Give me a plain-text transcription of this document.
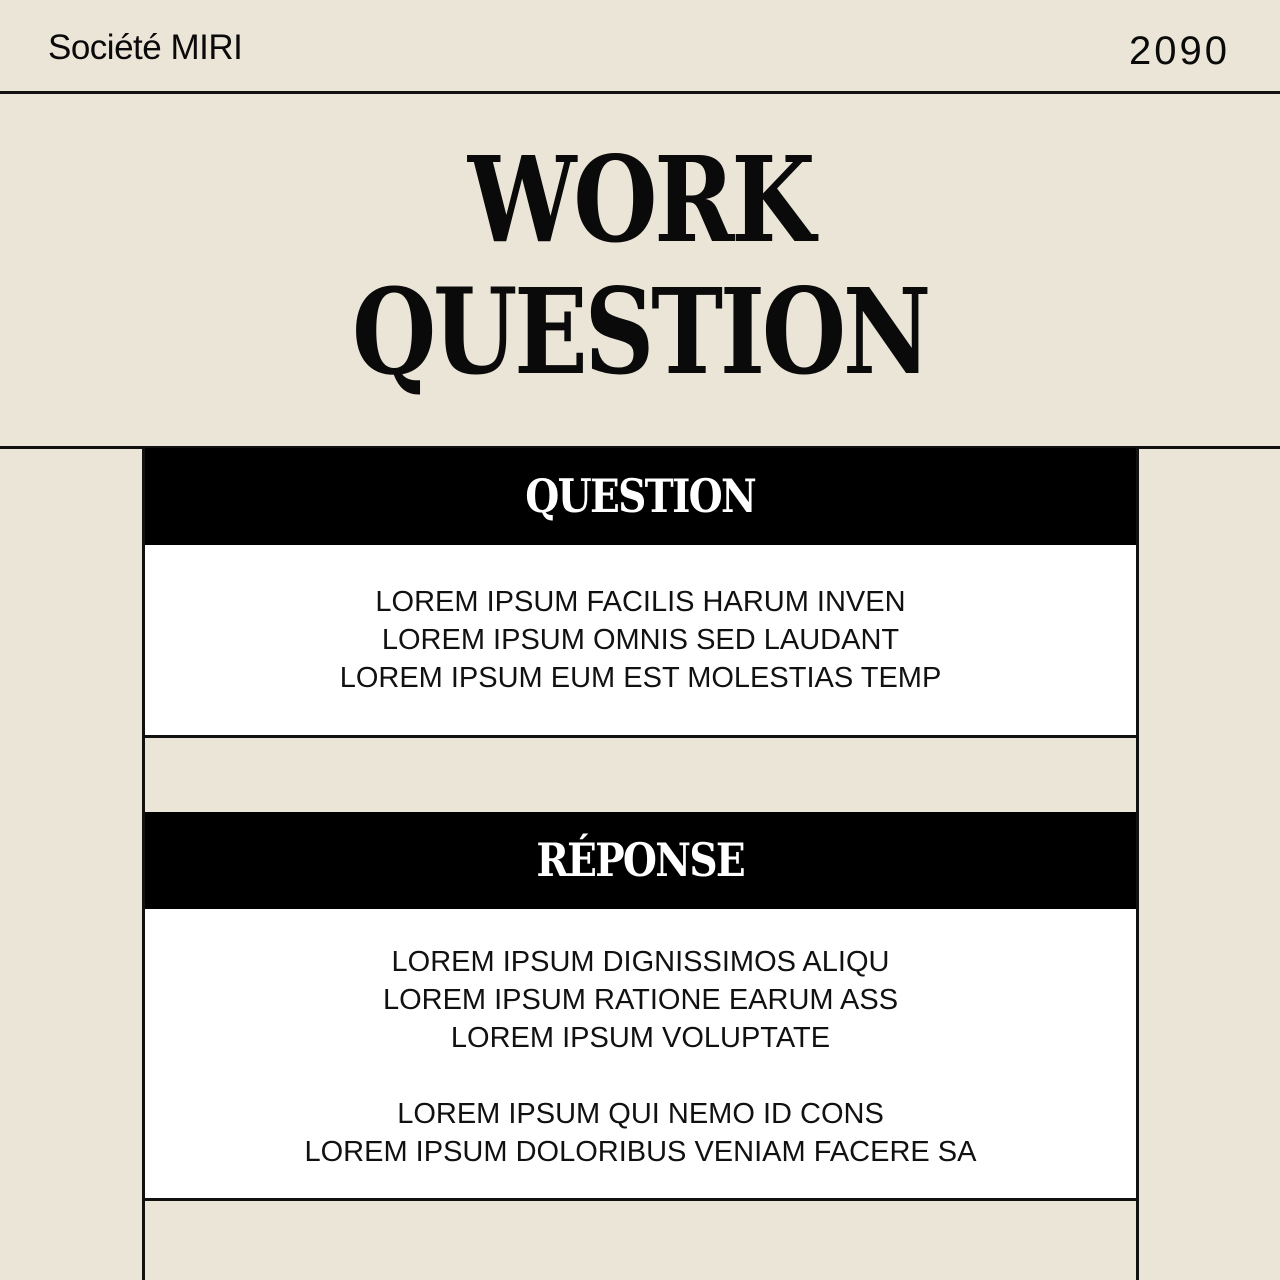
Société MIRI	2090
WORK
QUESTION
QUESTION
LOREM IPSUM FACILIS HARUM INVEN
LOREM IPSUM OMNIS SED LAUDANT
LOREM IPSUM EUM EST MOLESTIAS TEMP
RÉPONSE
LOREM IPSUM DIGNISSIMOS ALIQU
LOREM IPSUM RATIONE EARUM ASS
LOREM IPSUM VOLUPTATE
LOREM IPSUM QUI NEMO ID CONS
LOREM IPSUM DOLORIBUS VENIAM FACERE SA
